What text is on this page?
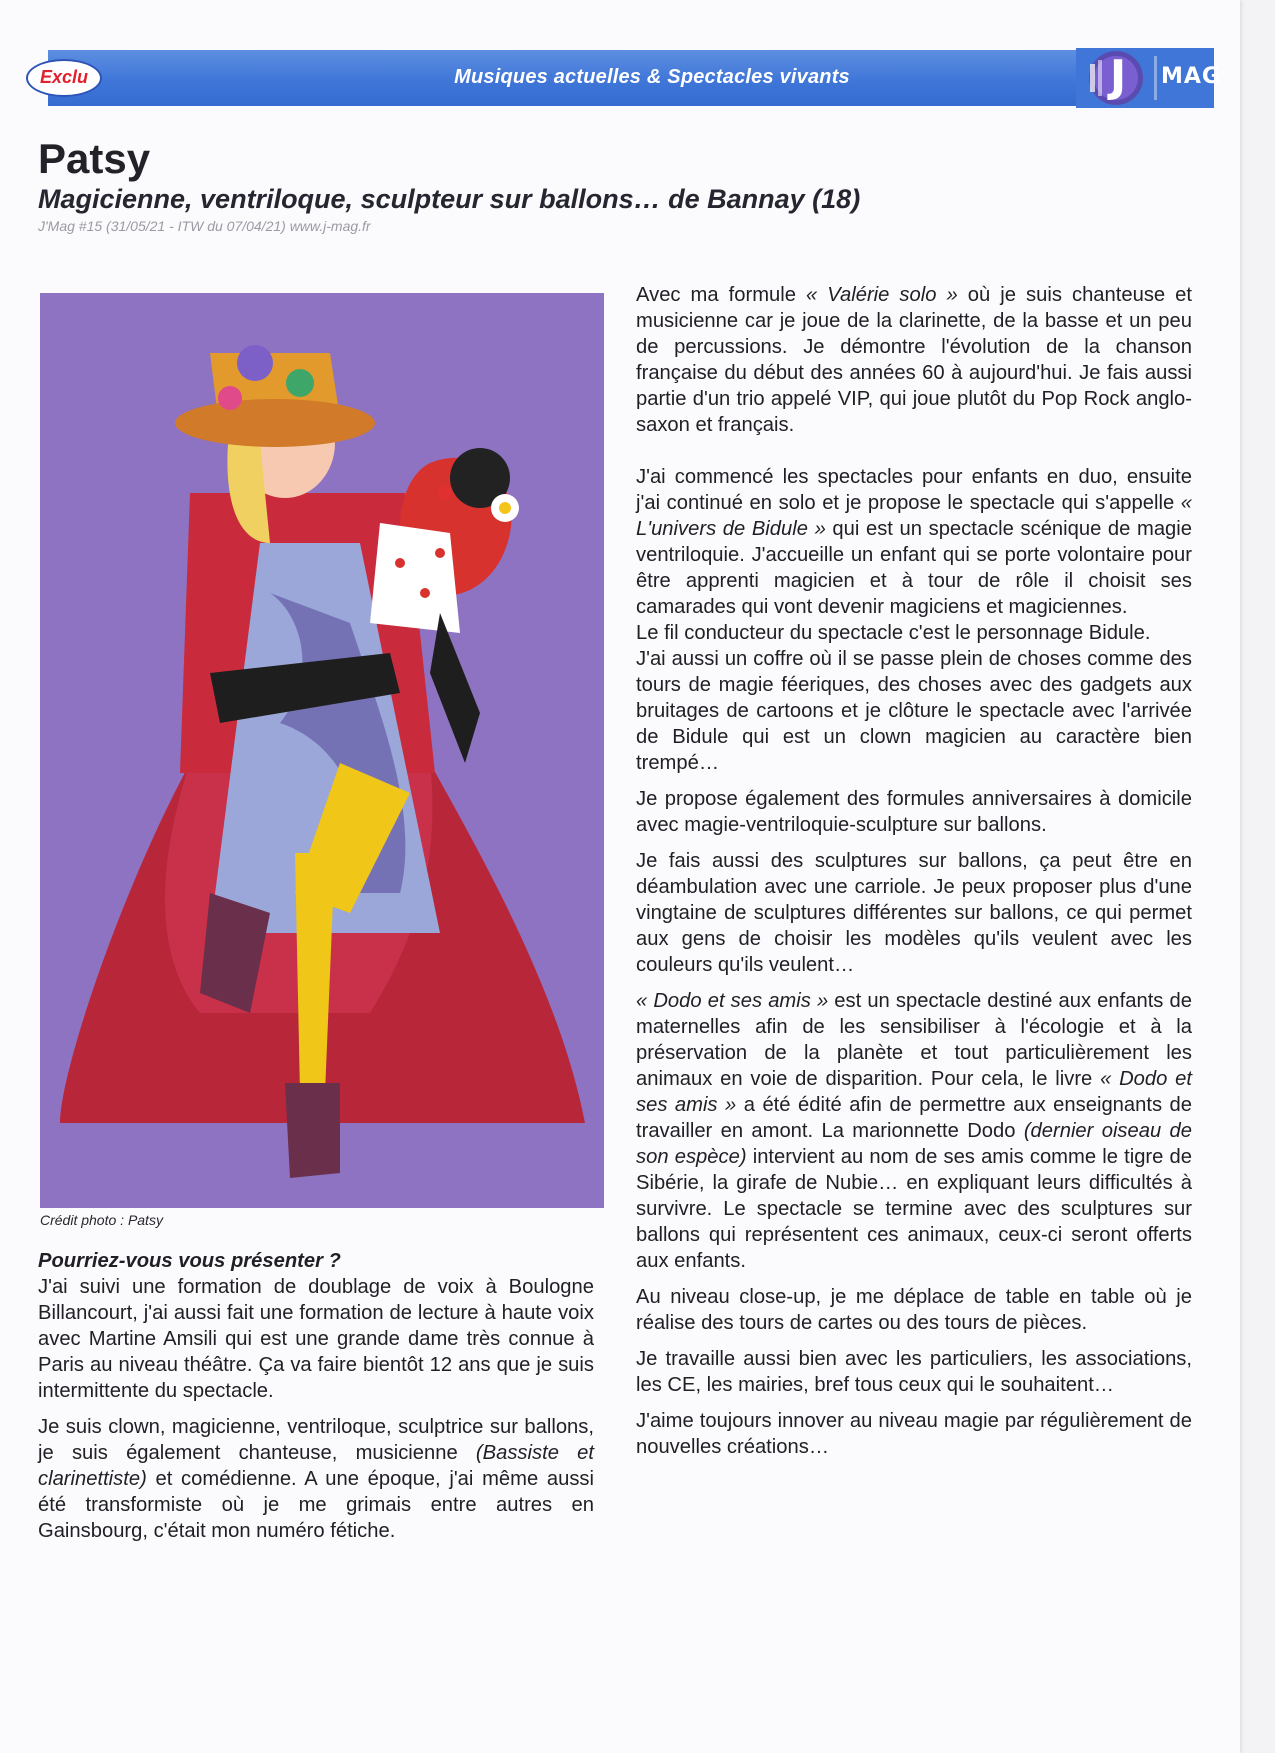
Musiques actuelles & Spectacles vivants
Exclu	J MAG
Patsy
Magicienne, ventriloque, sculpteur sur ballons… de Bannay (18)

J'Mag #15 (31/05/21 - ITW du 07/04/21) www.j-mag.fr

Crédit photo : Patsy

Pourriez-vous vous présenter ?

J'ai suivi une formation de doublage de voix à Boulogne Billancourt, j'ai aussi fait une formation de lecture à haute voix avec Martine Amsili qui est une grande dame très connue à Paris au niveau théâtre. Ça va faire bientôt 12 ans que je suis intermittente du spectacle.

Je suis clown, magicienne, ventriloque, sculptrice sur ballons, je suis également chanteuse, musicienne (Bassiste et clarinettiste) et comédienne. A une époque, j'ai même aussi été transformiste où je me grimais entre autres en Gainsbourg, c'était mon numéro fétiche.

Avec ma formule « Valérie solo » où je suis chanteuse et musicienne car je joue de la clarinette, de la basse et un peu de percussions. Je démontre l'évolution de la chanson française du début des années 60 à aujourd'hui. Je fais aussi partie d'un trio appelé VIP, qui joue plutôt du Pop Rock anglo-saxon et français.

J'ai commencé les spectacles pour enfants en duo, ensuite j'ai continué en solo et je propose le spectacle qui s'appelle « L'univers de Bidule » qui est un spectacle scénique de magie ventriloquie. J'accueille un enfant qui se porte volontaire pour être apprenti magicien et à tour de rôle il choisit ses camarades qui vont devenir magiciens et magiciennes.

Le fil conducteur du spectacle c'est le personnage Bidule.

J'ai aussi un coffre où il se passe plein de choses comme des tours de magie féeriques, des choses avec des gadgets aux bruitages de cartoons et je clôture le spectacle avec l'arrivée de Bidule qui est un clown magicien au caractère bien trempé…

Je propose également des formules anniversaires à domicile avec magie-ventriloquie-sculpture sur ballons.

Je fais aussi des sculptures sur ballons, ça peut être en déambulation avec une carriole. Je peux proposer plus d'une vingtaine de sculptures différentes sur ballons, ce qui permet aux gens de choisir les modèles qu'ils veulent avec les couleurs qu'ils veulent…

« Dodo et ses amis » est un spectacle destiné aux enfants de maternelles afin de les sensibiliser à l'écologie et à la préservation de la planète et tout particulièrement les animaux en voie de disparition. Pour cela, le livre « Dodo et ses amis » a été édité afin de permettre aux enseignants de travailler en amont. La marionnette Dodo (dernier oiseau de son espèce) intervient au nom de ses amis comme le tigre de Sibérie, la girafe de Nubie… en expliquant leurs difficultés à survivre. Le spectacle se termine avec des sculptures sur ballons qui représentent ces animaux, ceux-ci seront offerts aux enfants.

Au niveau close-up, je me déplace de table en table où je réalise des tours de cartes ou des tours de pièces.

Je travaille aussi bien avec les particuliers, les associations, les CE, les mairies, bref tous ceux qui le souhaitent…

J'aime toujours innover au niveau magie par régulièrement de nouvelles créations…
